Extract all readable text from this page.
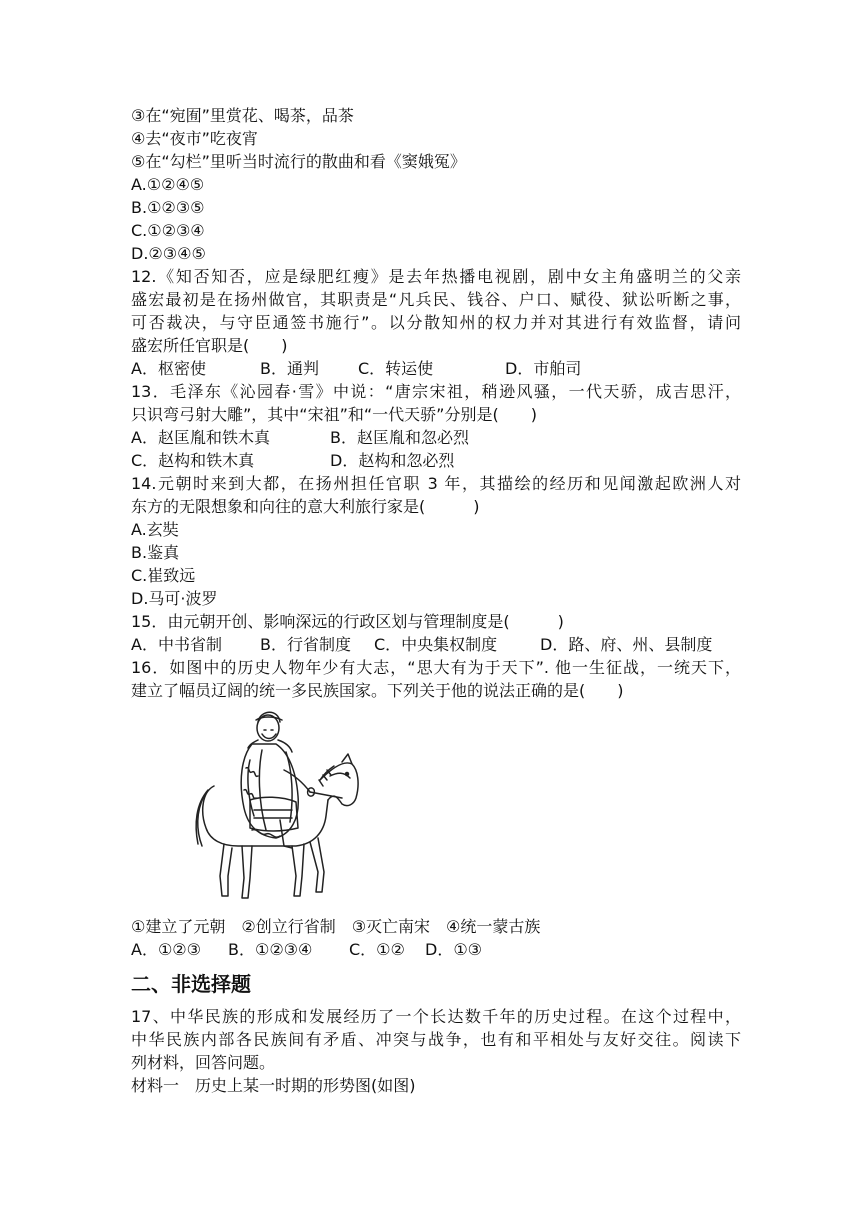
③在“宛囿”里赏花、喝茶，品茶
④去“夜市”吃夜宵
⑤在“勾栏”里听当时流行的散曲和看《窦娥冤》
A.①②④⑤
B.①②③⑤
C.①②③④
D.②③④⑤
12.《知否知否，应是绿肥红瘦》是去年热播电视剧，剧中女主角盛明兰的父亲
盛宏最初是在扬州做官，其职责是“凡兵民、钱谷、户口、赋役、狱讼听断之事，
可否裁决，与守臣通签书施行”。以分散知州的权力并对其进行有效监督，请问
盛宏所任官职是(　　)
A．枢密使	B．通判 C．转运使	D．市舶司
13．毛泽东《沁园春·雪》中说：“唐宗宋祖，稍逊风骚，一代天骄，成吉思汗，
只识弯弓射大雕”，其中“宋祖”和“一代天骄”分别是(　　)
A．赵匡胤和铁木真	B．赵匡胤和忽必烈
C．赵构和铁木真	D．赵构和忽必烈
14.元朝时来到大都，在扬州担任官职 3 年，其描绘的经历和见闻激起欧洲人对
东方的无限想象和向往的意大利旅行家是(　　　)
A.玄奘
B.鉴真
C.崔致远
D.马可·波罗
15．由元朝开创、影响深远的行政区划与管理制度是(　　　)
A．中书省制 B．行省制度 C．中央集权制度	D．路、府、州、县制度
16．如图中的历史人物年少有大志，“思大有为于天下”. 他一生征战，一统天下，
建立了幅员辽阔的统一多民族国家。下列关于他的说法正确的是(　　)
①建立了元朝　②创立行省制　③灭亡南宋　④统一蒙古族
A．①②③ B．①②③④ C．①② D．①③
二、非选择题
17、中华民族的形成和发展经历了一个长达数千年的历史过程。在这个过程中，
中华民族内部各民族间有矛盾、冲突与战争，也有和平相处与友好交往。阅读下
列材料，回答问题。
材料一　历史上某一时期的形势图(如图)
